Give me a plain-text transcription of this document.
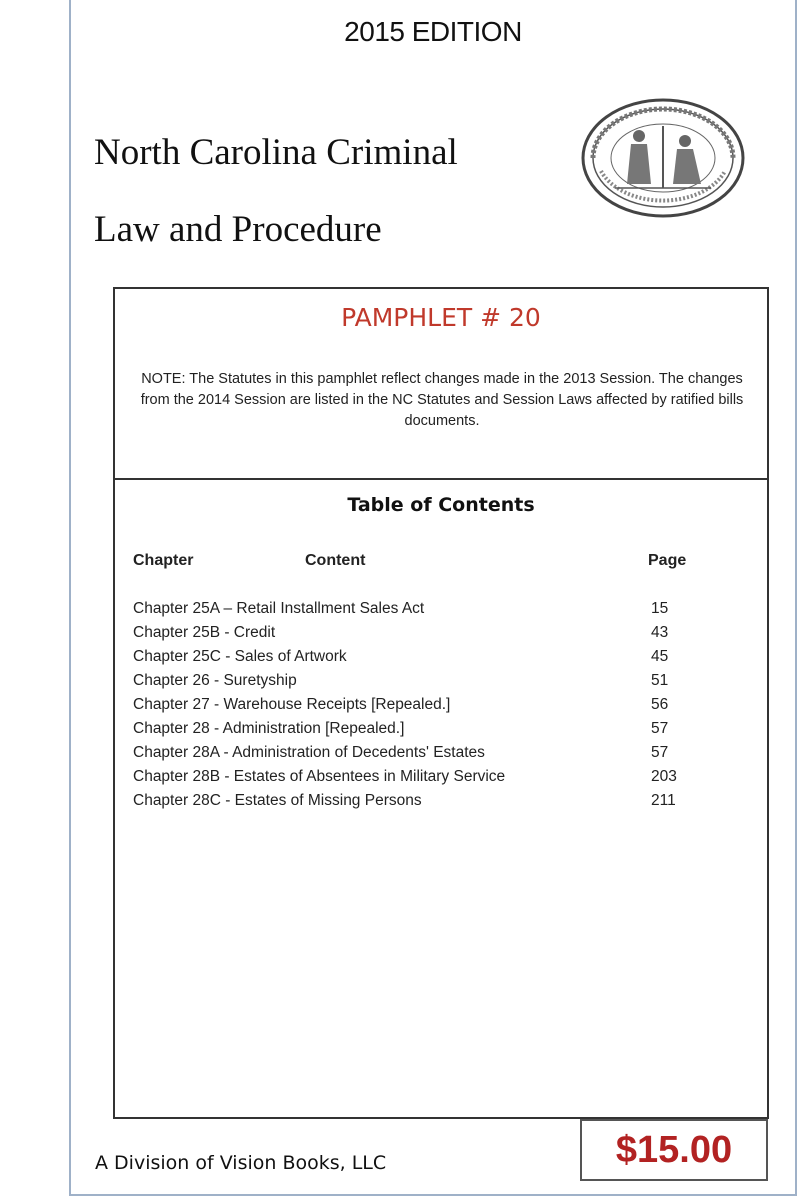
2015 EDITION
North Carolina Criminal
Law and Procedure
PAMPHLET # 20
NOTE: The Statutes in this pamphlet reflect changes made in the 2013 Session. The changes from the 2014 Session are listed in the NC Statutes and Session Laws affected by ratified bills documents.
Table of Contents
Chapter	Content	Page
Chapter 25A – Retail Installment Sales Act	15
Chapter 25B - Credit	43
Chapter 25C - Sales of Artwork	45
Chapter 26 - Suretyship	51
Chapter 27 - Warehouse Receipts [Repealed.]	56
Chapter 28 - Administration [Repealed.]	57
Chapter 28A - Administration of Decedents' Estates	57
Chapter 28B - Estates of Absentees in Military Service	203
Chapter 28C - Estates of Missing Persons	211
A Division of Vision Books, LLC	$15.00
